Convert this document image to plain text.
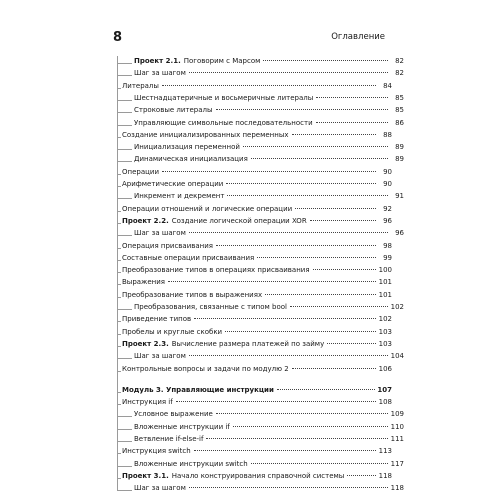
8	Оглавление
Проект 2.1. Поговорим с Марсом	82
Шаг за шагом	82
Литералы	84
Шестнадцатеричные и восьмеричные литералы	85
Строковые литералы	85
Управляющие символьные последовательности	86
Создание инициализированных переменных	88
Инициализация переменной	89
Динамическая инициализация	89
Операции	90
Арифметические операции	90
Инкремент и декремент	91
Операции отношений и логические операции	92
Проект 2.2. Создание логической операции XOR	96
Шаг за шагом	96
Операция присваивания	98
Составные операции присваивания	99
Преобразование типов в операциях присваивания	100
Выражения	101
Преобразование типов в выражениях	101
Преобразования, связанные с типом bool	102
Приведение типов	102
Пробелы и круглые скобки	103
Проект 2.3. Вычисление размера платежей по займу	103
Шаг за шагом	104
Контрольные вопросы и задачи по модулю 2	106
Модуль 3. Управляющие инструкции	107
Инструкция if	108
Условное выражение	109
Вложенные инструкции if	110
Ветвление if-else-if	111
Инструкция switch	113
Вложенные инструкции switch	117
Проект 3.1. Начало конструирования справочной системы	118
Шаг за шагом	118
